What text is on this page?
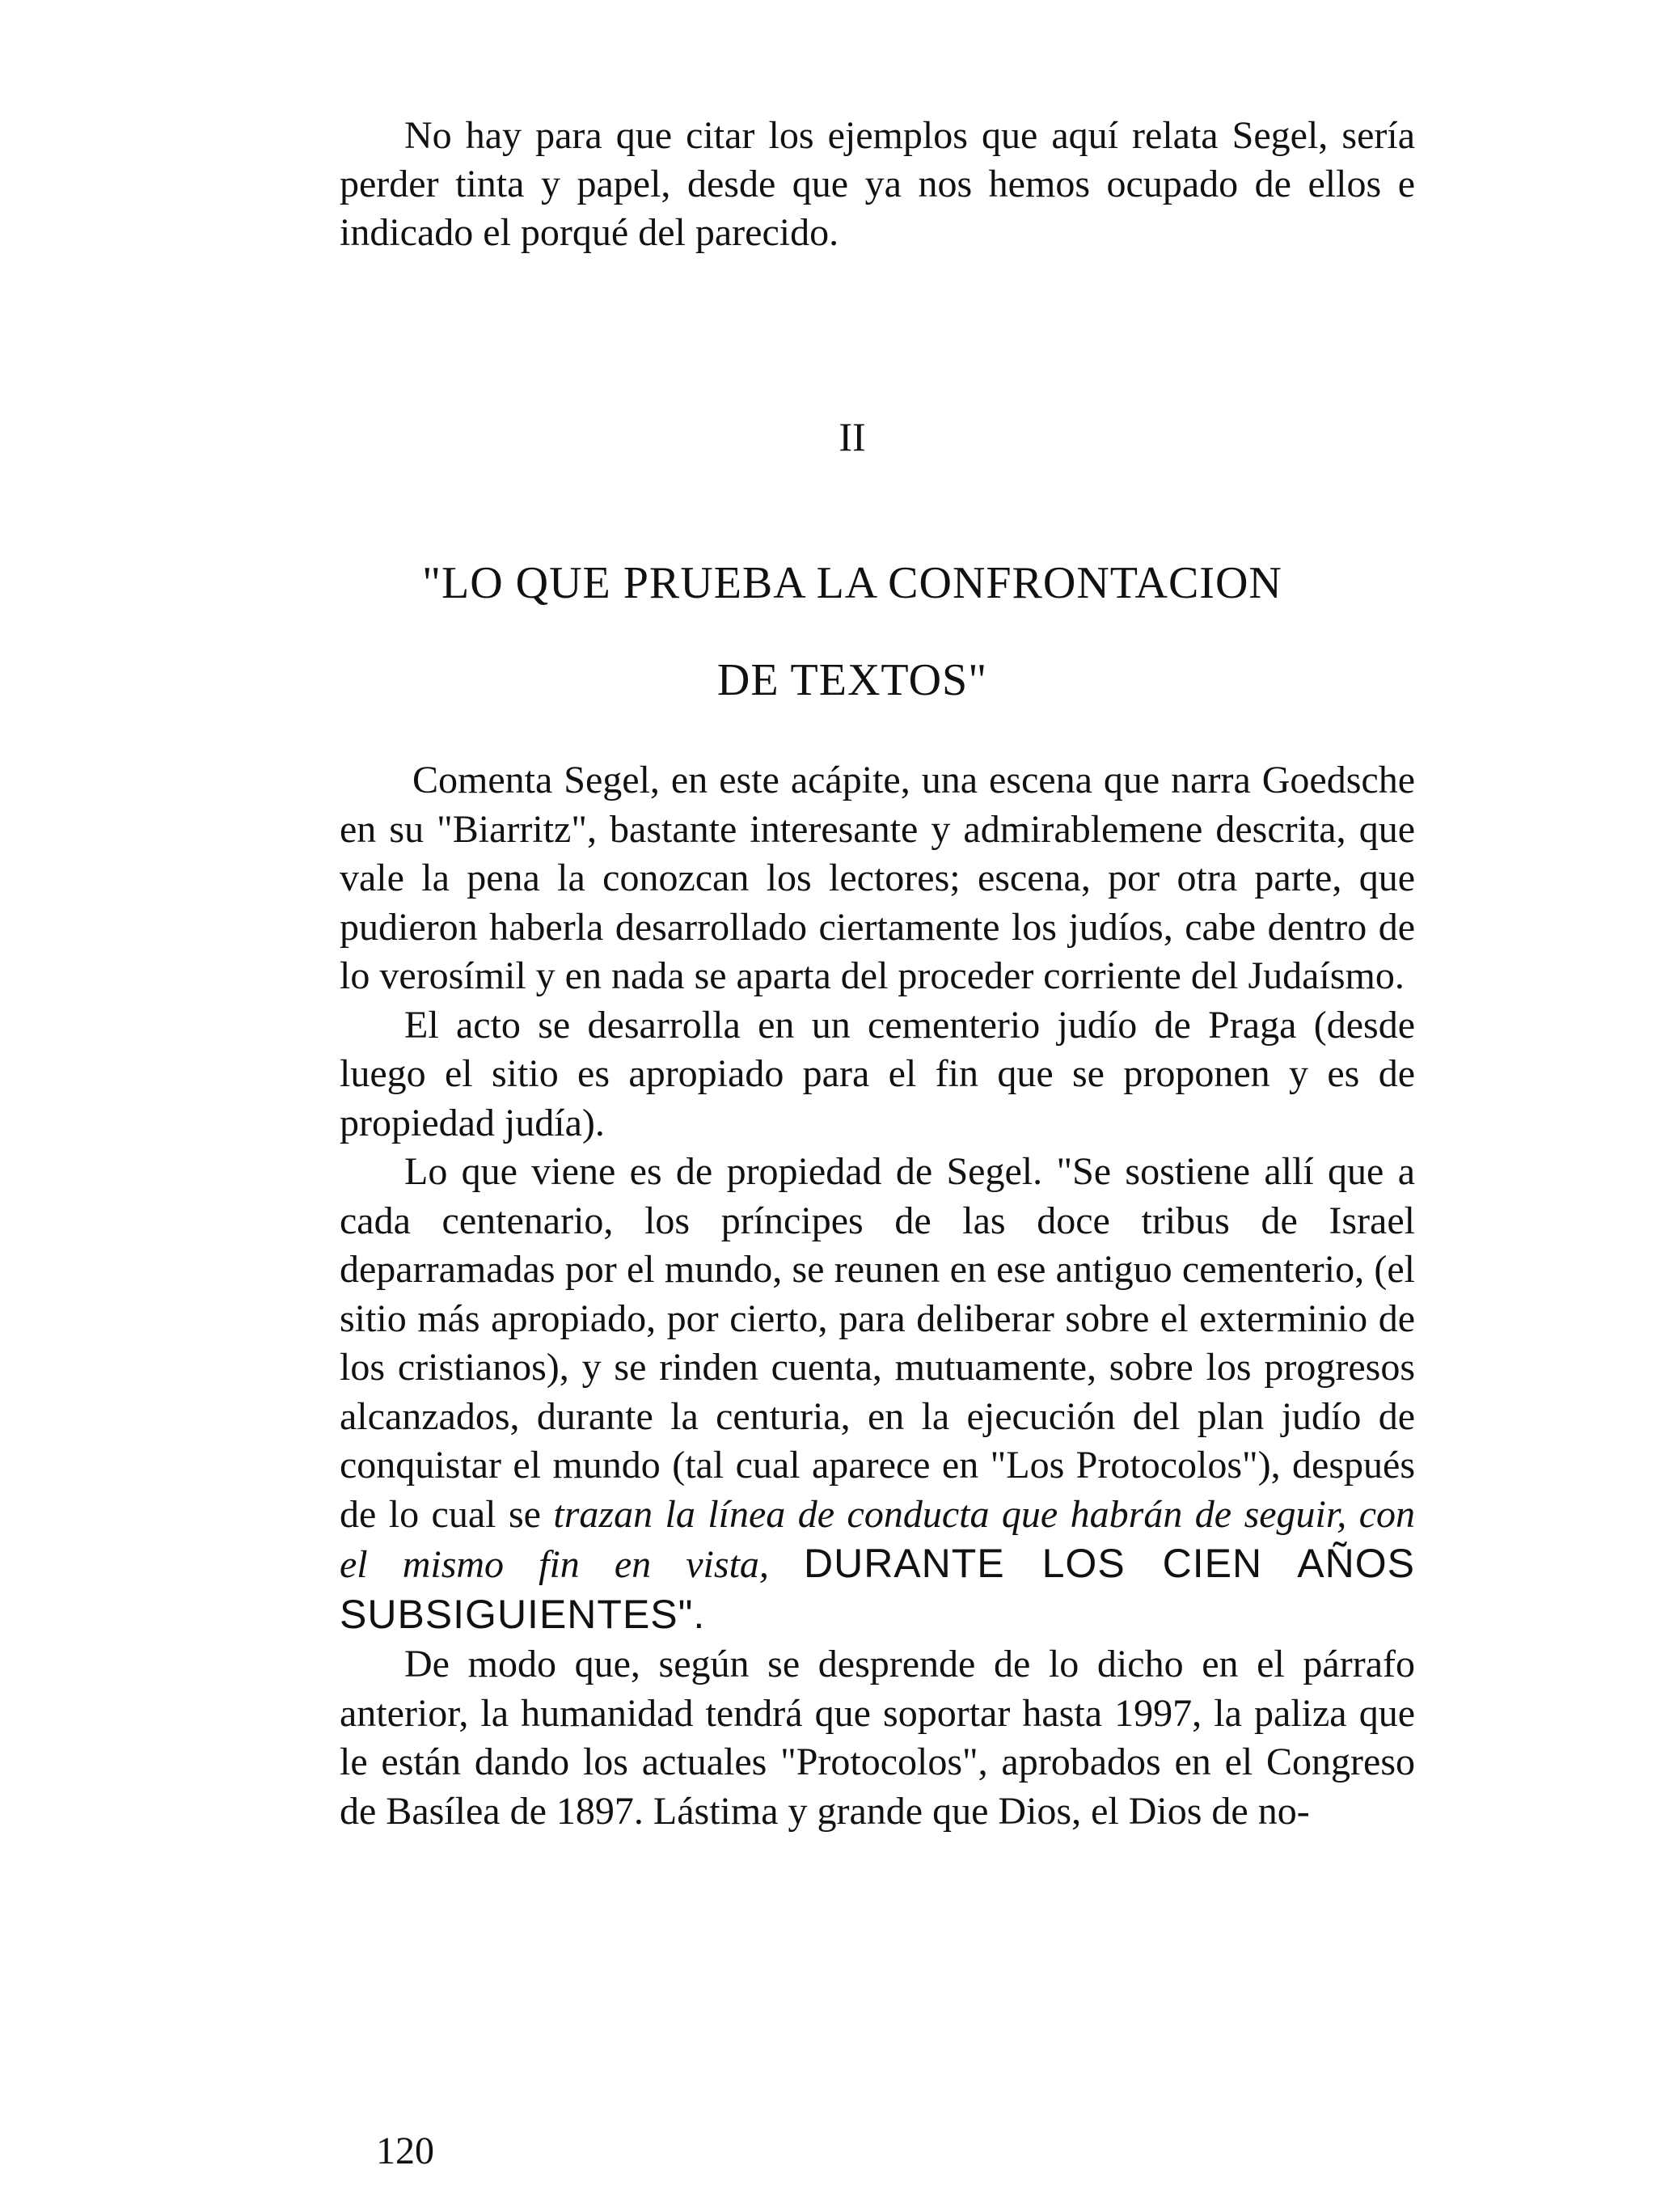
No hay para que citar los ejemplos que aquí relata Segel, sería perder tinta y papel, desde que ya nos hemos ocupado de ellos e indicado el porqué del parecido.

II

"LO QUE PRUEBA LA CONFRONTACION
DE TEXTOS"

Comenta Segel, en este acápite, una escena que narra Goedsche en su "Biarritz", bastante interesante y admirablemene descrita, que vale la pena la conozcan los lectores; escena, por otra parte, que pudieron haberla desarrollado ciertamente los judíos, cabe dentro de lo verosímil y en nada se aparta del proceder corriente del Judaísmo.

El acto se desarrolla en un cementerio judío de Praga (desde luego el sitio es apropiado para el fin que se proponen y es de propiedad judía).

Lo que viene es de propiedad de Segel. "Se sostiene allí que a cada centenario, los príncipes de las doce tribus de Israel deparramadas por el mundo, se reunen en ese antiguo cementerio, (el sitio más apropiado, por cierto, para deliberar sobre el exterminio de los cristianos), y se rinden cuenta, mutuamente, sobre los progresos alcanzados, durante la centuria, en la ejecución del plan judío de conquistar el mundo (tal cual aparece en "Los Protocolos"), después de lo cual se trazan la línea de conducta que habrán de seguir, con el mismo fin en vista, DURANTE LOS CIEN AÑOS SUBSIGUIENTES".

De modo que, según se desprende de lo dicho en el párrafo anterior, la humanidad tendrá que soportar hasta 1997, la paliza que le están dando los actuales "Protocolos", aprobados en el Congreso de Basílea de 1897. Lástima y grande que Dios, el Dios de no-

120
